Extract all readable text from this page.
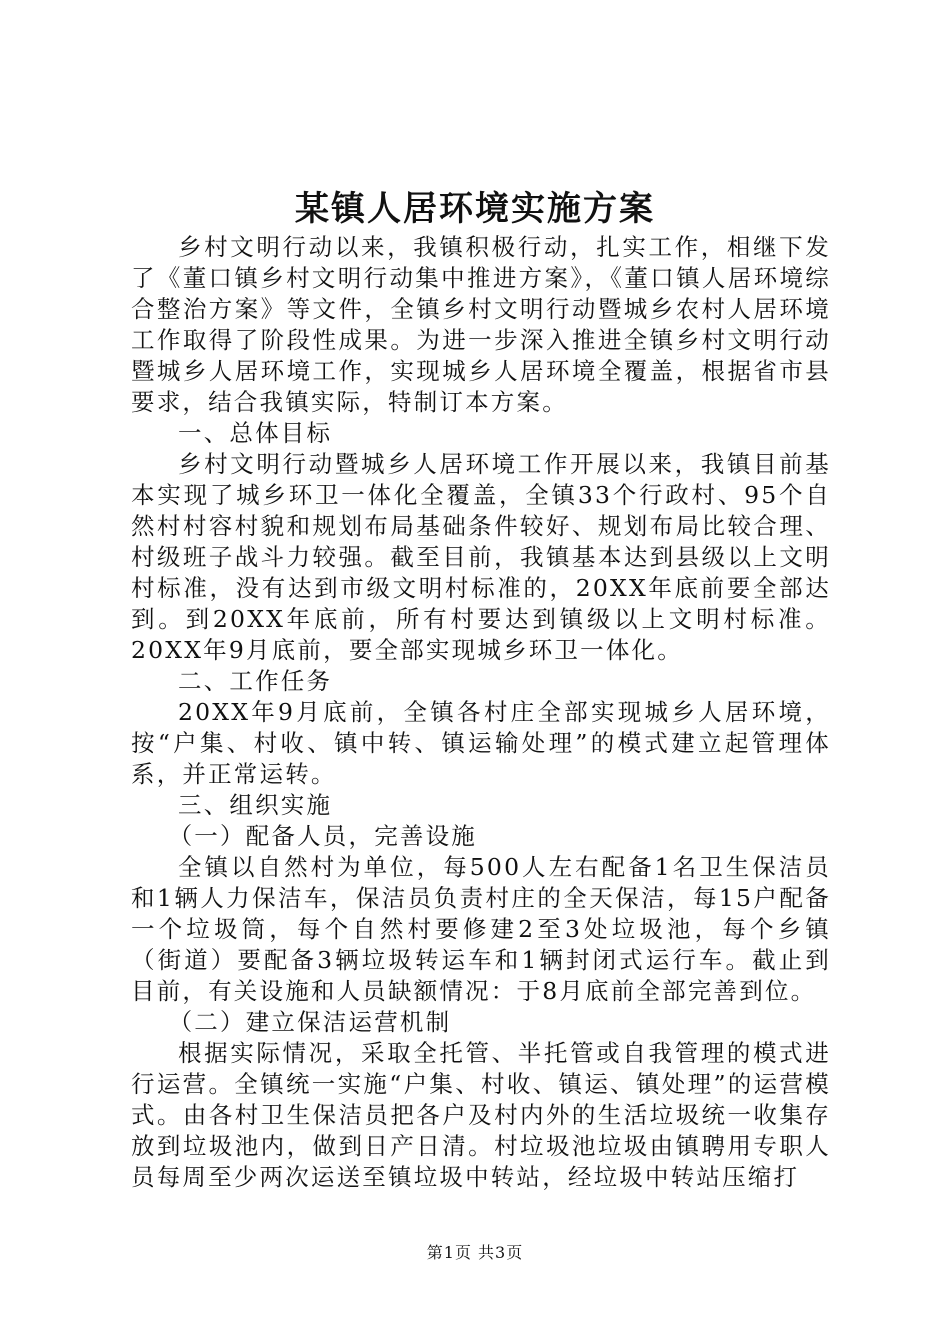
某镇人居环境实施方案

乡村文明行动以来，我镇积极行动，扎实工作，相继下发了《董口镇乡村文明行动集中推进方案》，《董口镇人居环境综合整治方案》等文件，全镇乡村文明行动暨城乡农村人居环境工作取得了阶段性成果。为进一步深入推进全镇乡村文明行动暨城乡人居环境工作，实现城乡人居环境全覆盖，根据省市县要求，结合我镇实际，特制订本方案。

一、总体目标

乡村文明行动暨城乡人居环境工作开展以来，我镇目前基本实现了城乡环卫一体化全覆盖，全镇33个行政村、95个自然村村容村貌和规划布局基础条件较好、规划布局比较合理、村级班子战斗力较强。截至目前，我镇基本达到县级以上文明村标准，没有达到市级文明村标准的，20XX年底前要全部达到。到20XX年底前，所有村要达到镇级以上文明村标准。20XX年9月底前，要全部实现城乡环卫一体化。

二、工作任务

20XX年9月底前，全镇各村庄全部实现城乡人居环境，按“户集、村收、镇中转、镇运输处理”的模式建立起管理体系，并正常运转。

三、组织实施

（一）配备人员，完善设施

全镇以自然村为单位，每500人左右配备1名卫生保洁员和1辆人力保洁车，保洁员负责村庄的全天保洁，每15户配备一个垃圾筒，每个自然村要修建2至3处垃圾池，每个乡镇（街道）要配备3辆垃圾转运车和1辆封闭式运行车。截止到目前，有关设施和人员缺额情况：于8月底前全部完善到位。

（二）建立保洁运营机制

根据实际情况，采取全托管、半托管或自我管理的模式进行运营。全镇统一实施“户集、村收、镇运、镇处理”的运营模式。由各村卫生保洁员把各户及村内外的生活垃圾统一收集存放到垃圾池内，做到日产日清。村垃圾池垃圾由镇聘用专职人员每周至少两次运送至镇垃圾中转站，经垃圾中转站压缩打

第1页 共3页
